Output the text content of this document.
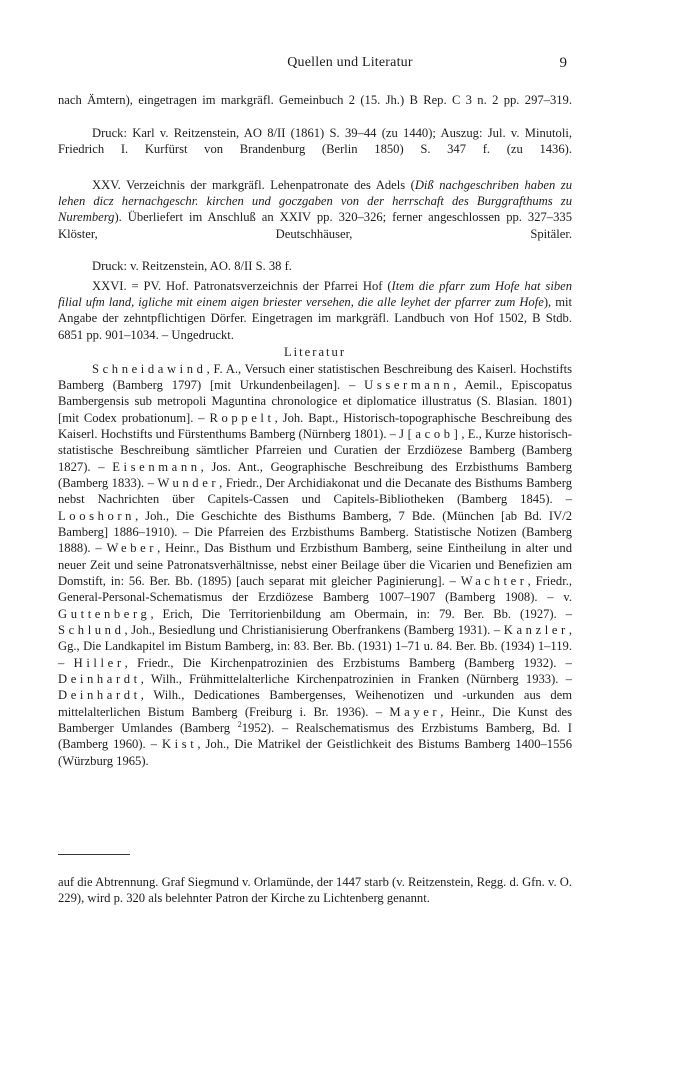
Quellen und Literatur	9

nach Ämtern), eingetragen im markgräfl. Gemeinbuch 2 (15. Jh.) B Rep. C 3 n. 2 pp. 297–319.

Druck: Karl v. Reitzenstein, AO 8/II (1861) S. 39–44 (zu 1440); Auszug: Jul. v. Minutoli, Friedrich I. Kurfürst von Brandenburg (Berlin 1850) S. 347 f. (zu 1436).

XXV. Verzeichnis der markgräfl. Lehenpatronate des Adels (Diß nachgeschriben haben zu lehen dicz hernachgeschr. kirchen und goczgaben von der herrschaft des Burggrafthums zu Nuremberg). Überliefert im Anschluß an XXIV pp. 320–326; ferner angeschlossen pp. 327–335 Klöster, Deutschhäuser, Spitäler.

Druck: v. Reitzenstein, AO. 8/II S. 38 f.

XXVI. = PV. Hof. Patronatsverzeichnis der Pfarrei Hof (Item die pfarr zum Hofe hat siben filial ufm land, igliche mit einem aigen briester versehen, die alle leyhet der pfarrer zum Hofe), mit Angabe der zehntpflichtigen Dörfer. Eingetragen im markgräfl. Landbuch von Hof 1502, B Stdb. 6851 pp. 901–1034. – Ungedruckt.

Literatur

Schneidawind, F. A., Versuch einer statistischen Beschreibung des Kaiserl. Hochstifts Bamberg (Bamberg 1797) [mit Urkundenbeilagen]. – Ussermann, Aemil., Episcopatus Bambergensis sub metropoli Maguntina chronologice et diplomatice illustratus (S. Blasian. 1801) [mit Codex probationum]. – Roppelt, Joh. Bapt., Historisch-topographische Beschreibung des Kaiserl. Hochstifts und Fürstenthums Bamberg (Nürnberg 1801). – J[acob], E., Kurze historisch-statistische Beschreibung sämtlicher Pfarreien und Curatien der Erzdiözese Bamberg (Bamberg 1827). – Eisenmann, Jos. Ant., Geographische Beschreibung des Erzbisthums Bamberg (Bamberg 1833). – Wunder, Friedr., Der Archidiakonat und die Decanate des Bisthums Bamberg nebst Nachrichten über Capitels-Cassen und Capitels-Bibliotheken (Bamberg 1845). – Looshorn, Joh., Die Geschichte des Bisthums Bamberg, 7 Bde. (München [ab Bd. IV/2 Bamberg] 1886–1910). – Die Pfarreien des Erzbisthums Bamberg. Statistische Notizen (Bamberg 1888). – Weber, Heinr., Das Bisthum und Erzbisthum Bamberg, seine Eintheilung in alter und neuer Zeit und seine Patronatsverhältnisse, nebst einer Beilage über die Vicarien und Benefizien am Domstift, in: 56. Ber. Bb. (1895) [auch separat mit gleicher Paginierung]. – Wachter, Friedr., General-Personal-Schematismus der Erzdiözese Bamberg 1007–1907 (Bamberg 1908). – v. Guttenberg, Erich, Die Territorienbildung am Obermain, in: 79. Ber. Bb. (1927). – Schlund, Joh., Besiedlung und Christianisierung Oberfrankens (Bamberg 1931). – Kanzler, Gg., Die Landkapitel im Bistum Bamberg, in: 83. Ber. Bb. (1931) 1–71 u. 84. Ber. Bb. (1934) 1–119. – Hiller, Friedr., Die Kirchenpatrozinien des Erzbistums Bamberg (Bamberg 1932). – Deinhardt, Wilh., Frühmittelalterliche Kirchenpatrozinien in Franken (Nürnberg 1933). – Deinhardt, Wilh., Dedicationes Bambergenses, Weihenotizen und -urkunden aus dem mittelalterlichen Bistum Bamberg (Freiburg i. Br. 1936). – Mayer, Heinr., Die Kunst des Bamberger Umlandes (Bamberg $^2$1952). – Realschematismus des Erzbistums Bamberg, Bd. I (Bamberg 1960). – Kist, Joh., Die Matrikel der Geistlichkeit des Bistums Bamberg 1400–1556 (Würzburg 1965).

auf die Abtrennung. Graf Siegmund v. Orlamünde, der 1447 starb (v. Reitzenstein, Regg. d. Gfn. v. O. 229), wird p. 320 als belehnter Patron der Kirche zu Lichtenberg genannt.
